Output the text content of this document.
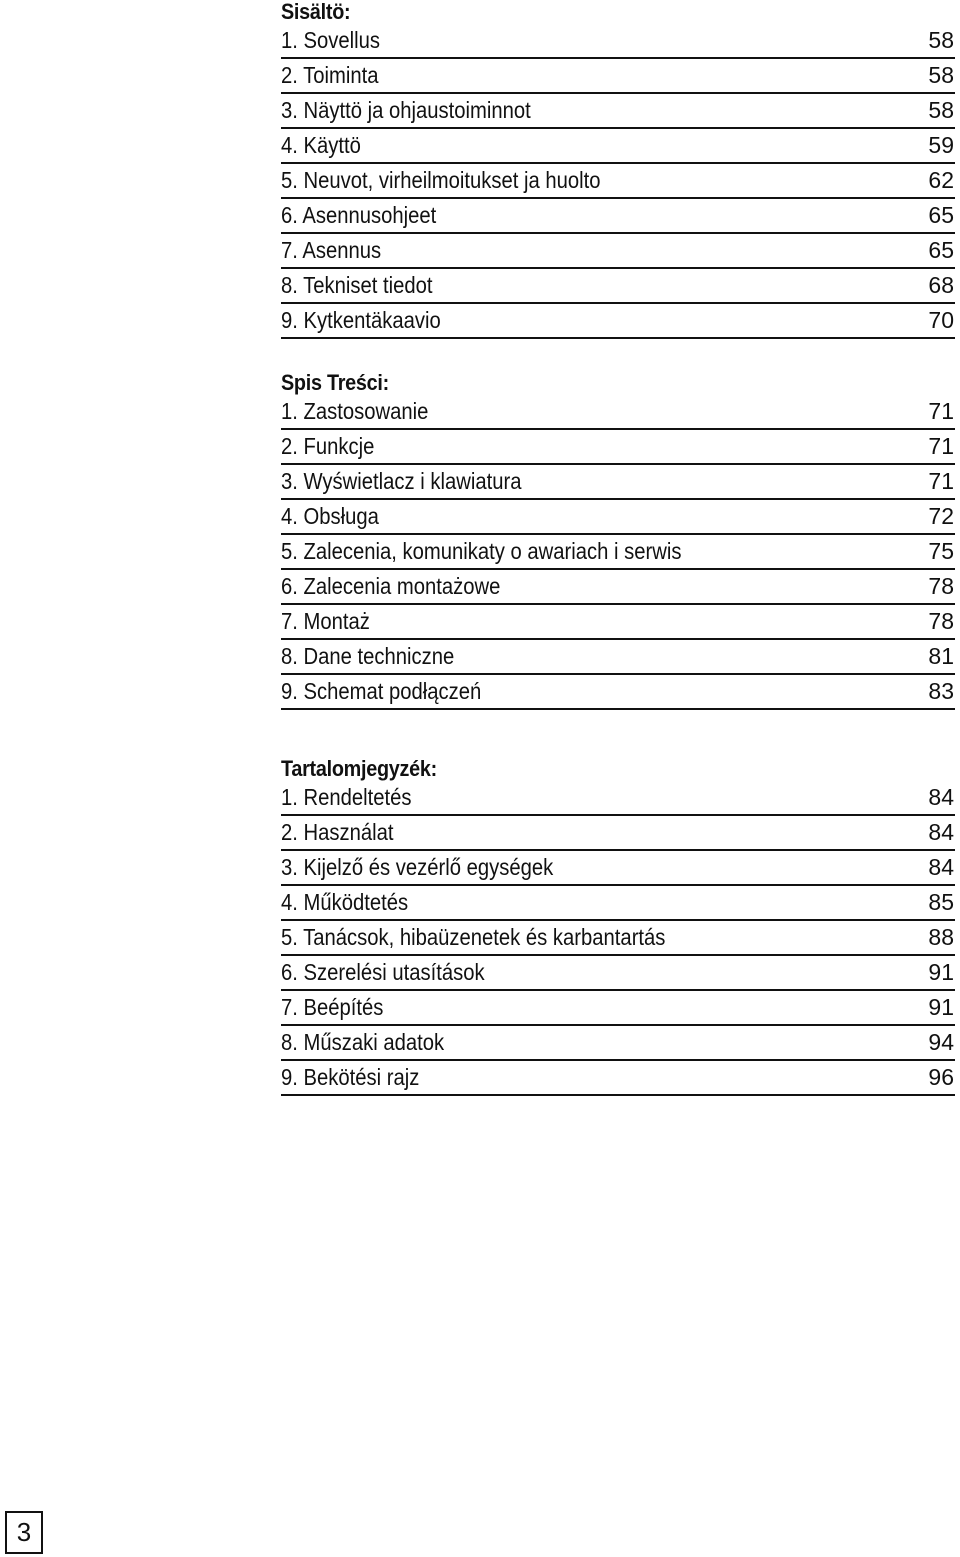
Sisältö:
1. Sovellus	58
2. Toiminta	58
3. Näyttö ja ohjaustoiminnot	58
4. Käyttö	59
5. Neuvot, virheilmoitukset ja huolto	62
6. Asennusohjeet	65
7. Asennus	65
8. Tekniset tiedot	68
9. Kytkentäkaavio	70
Spis Treści:
1. Zastosowanie	71
2. Funkcje	71
3. Wyświetlacz i klawiatura	71
4. Obsługa	72
5. Zalecenia, komunikaty o awariach i serwis	75
6. Zalecenia montażowe	78
7. Montaż	78
8. Dane techniczne	81
9. Schemat podłączeń	83
Tartalomjegyzék:
1. Rendeltetés	84
2. Használat	84
3. Kijelző és vezérlő egységek	84
4. Működtetés	85
5. Tanácsok, hibaüzenetek és karbantartás	88
6. Szerelési utasítások	91
7. Beépítés	91
8. Műszaki adatok	94
9. Bekötési rajz	96
3
